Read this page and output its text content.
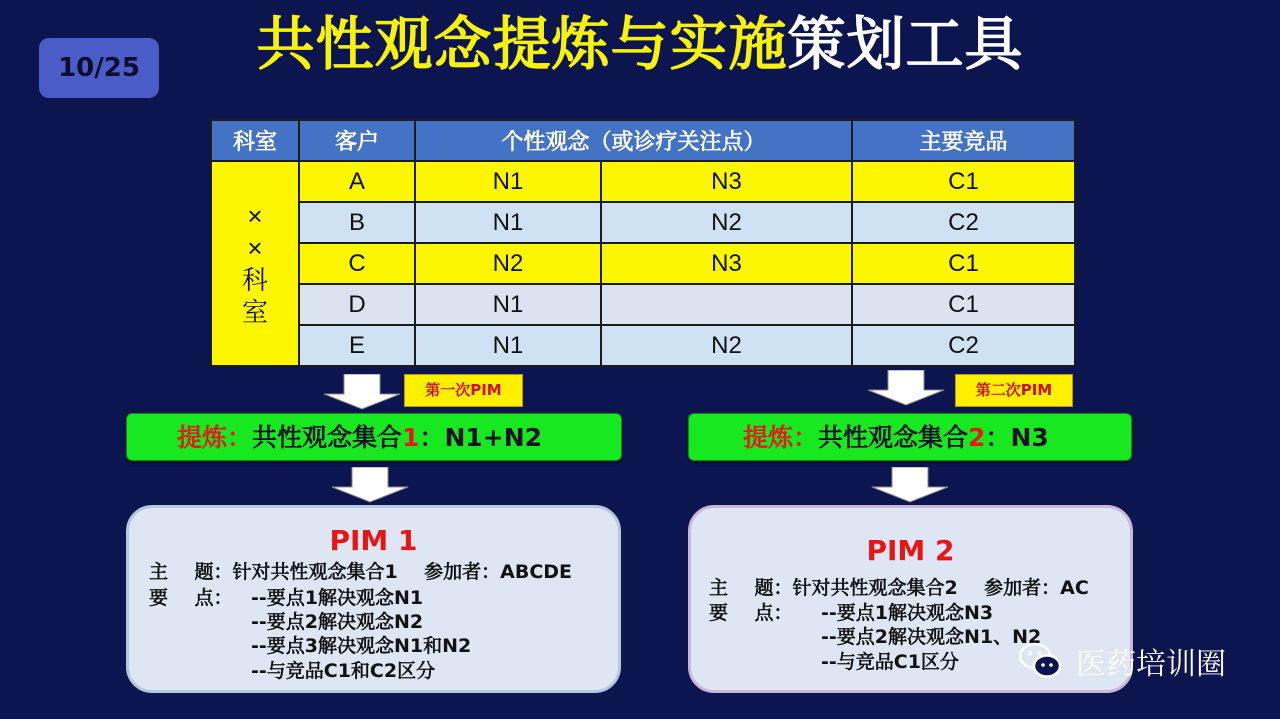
共性观念提炼与实施策划工具
10/25
科室	客户	个性观念（或诊疗关注点）		主要竞品

×
×
科
室	A	N1	N3	C1
	B	N1	N2	C2
	C	N2	N3	C1
	D	N1		C1
	E	N1	N2	C2
第一次PIM
提炼：共性观念集合1：N1+N2
PIM 1
主    题：针对共性观念集合1    参加者：ABCDE
要    点： --要点1解决观念N1
--要点2解决观念N2
--要点3解决观念N1和N2
--与竞品C1和C2区分
第二次PIM
提炼：共性观念集合2：N3
PIM 2
主    题：针对共性观念集合2    参加者：AC
要    点： --要点1解决观念N3
--要点2解决观念N1、N2
--与竞品C1区分	医药培训圈
